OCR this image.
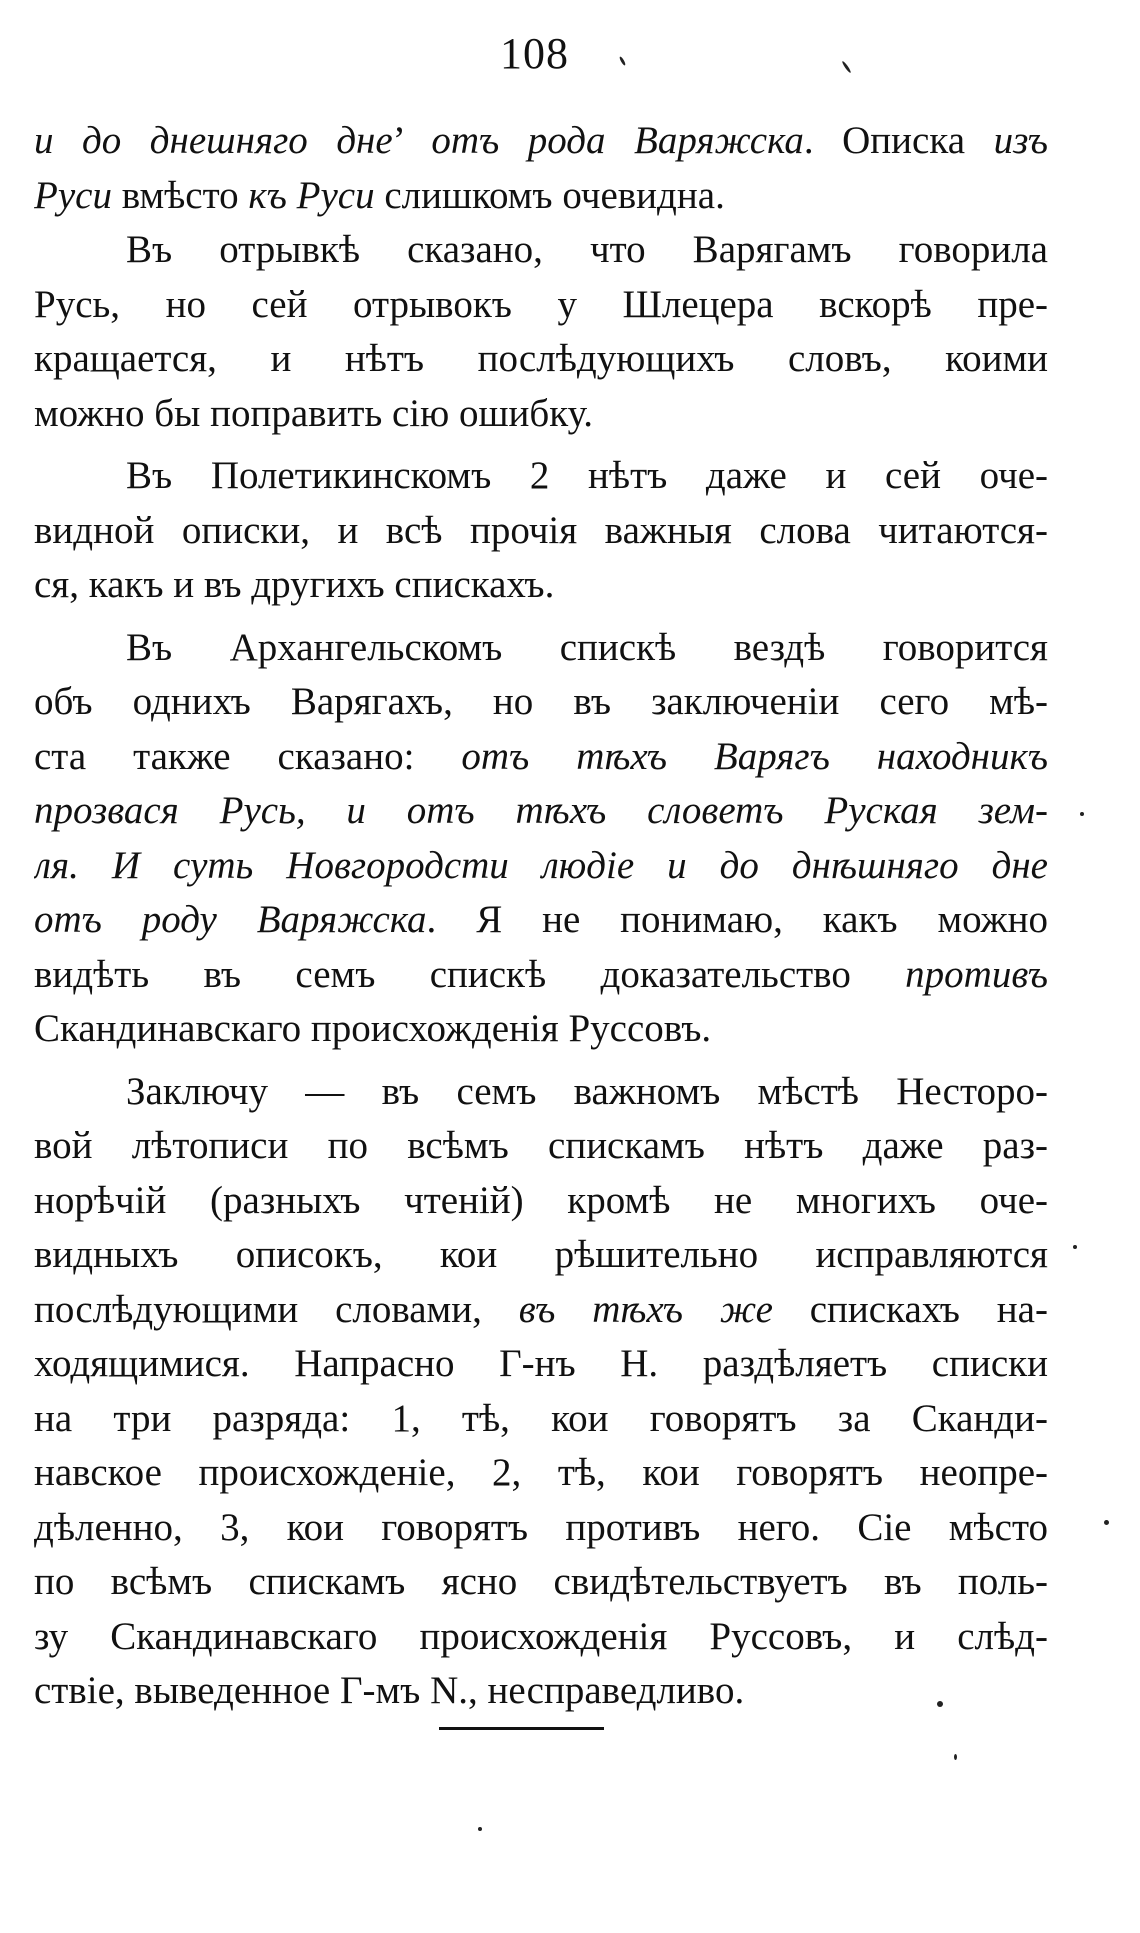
108
и до днешняго дне’ отъ рода Варяжска. Описка изъ
Руси вмѣсто къ Руси слишкомъ очевидна.
Въ отрывкѣ сказано, что Варягамъ говорила
Русь, но сей отрывокъ у Шлецера вскорѣ пре-
кращается, и нѣтъ послѣдующихъ словъ, коими
можно бы поправить сію ошибку.
Въ Полетикинскомъ 2 нѣтъ даже и сей оче-
видной описки, и всѣ прочія важныя слова читаются-
ся, какъ и въ другихъ спискахъ.
Въ Архангельскомъ спискѣ вездѣ говорится
объ однихъ Варягахъ, но въ заключеніи сего мѣ-
ста также сказано: отъ тѣхъ Варягъ находникъ
прозвася Русь, и отъ тѣхъ словетъ Руская зем-
ля. И суть Новгородсти людіе и до днѣшняго дне
отъ роду Варяжска. Я не понимаю, какъ можно
видѣть въ семъ спискѣ доказательство противъ
Скандинавскаго происхожденія Руссовъ.
Заключу — въ семъ важномъ мѣстѣ Несторо-
вой лѣтописи по всѣмъ спискамъ нѣтъ даже раз-
норѣчій (разныхъ чтеній) кромѣ не многихъ оче-
видныхъ описокъ, кои рѣшительно исправляются
послѣдующими словами, въ тѣхъ же спискахъ на-
ходящимися. Напрасно Г-нъ Н. раздѣляетъ списки
на три разряда: 1, тѣ, кои говорятъ за Сканди-
навское происхожденіе, 2, тѣ, кои говорятъ неопре-
дѣленно, 3, кои говорятъ противъ него. Сіе мѣсто
по всѣмъ спискамъ ясно свидѣтельствуетъ въ поль-
зу Скандинавскаго происхожденія Руссовъ, и слѣд-
ствіе, выведенное Г-мъ N., несправедливо.
